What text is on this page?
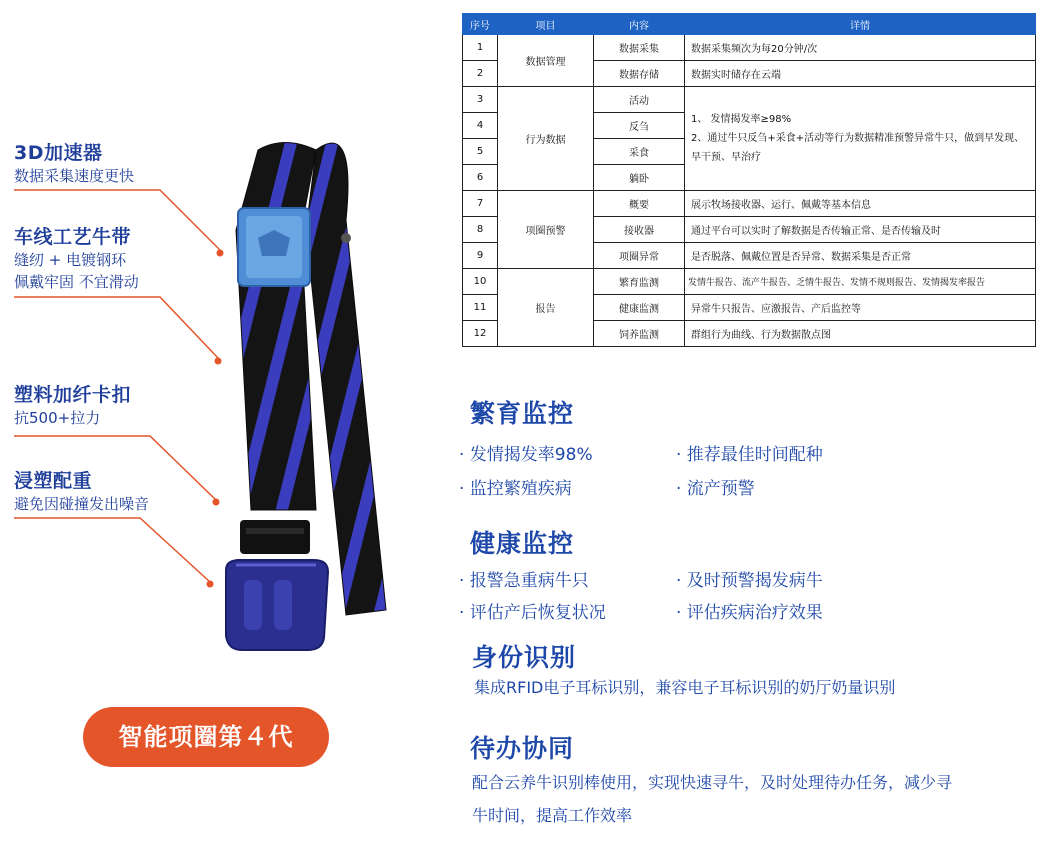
3D加速器
数据采集速度更快
车线工艺牛带
缝纫 + 电镀钢环
佩戴牢固 不宜滑动
塑料加纤卡扣
抗500+拉力
浸塑配重
避免因碰撞发出噪音
智能项圈第４代
序号	项目	内容	详情
1	数据管理	数据采集	数据采集频次为每20分钟/次
2		数据存储	数据实时储存在云端
3	行为数据	活动	1、 发情揭发率≥98%
2、通过牛只反刍+采食+活动等行为数据精准预警异常牛只，做到早发现、早干预、早治疗
4		反刍	
5		采食	
6		躺卧	
7	项圈预警	概要	展示牧场接收器、运行、佩戴等基本信息
8		接收器	通过平台可以实时了解数据是否传输正常、是否传输及时
9		项圈异常	是否脱落、佩戴位置是否异常、数据采集是否正常
10	报告	繁育监测	发情牛报告、流产牛报告、乏情牛报告、发情不规则报告、发情揭发率报告
11		健康监测	异常牛只报告、应激报告、产后监控等
12		饲养监测	群组行为曲线、行为数据散点图
繁育监控
· 发情揭发率98%	· 推荐最佳时间配种
· 监控繁殖疾病	· 流产预警
健康监控
· 报警急重病牛只	· 及时预警揭发病牛
· 评估产后恢复状况	· 评估疾病治疗效果
身份识别
集成RFID电子耳标识别，兼容电子耳标识别的奶厅奶量识别
待办协同
配合云养牛识别棒使用，实现快速寻牛，及时处理待办任务，减少寻
牛时间，提高工作效率
